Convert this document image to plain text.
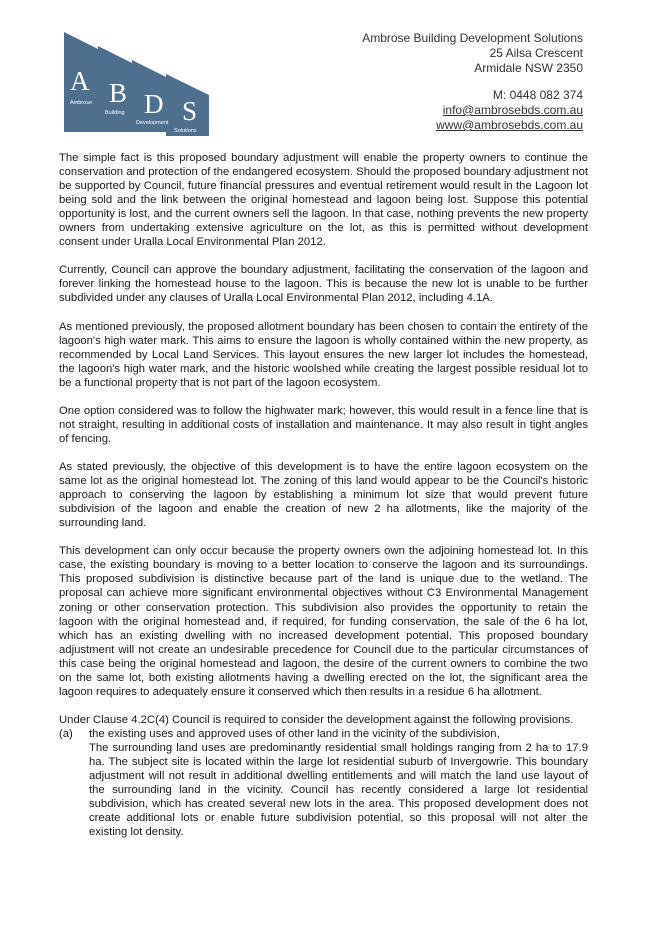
A B D S
Ambrose
Building
Development
Solutions
Ambrose Building Development Solutions
25 Ailsa Crescent
Armidale NSW 2350
M: 0448 082 374
info@ambrosebds.com.au
www@ambrosebds.com.au

The simple fact is this proposed boundary adjustment will enable the property owners to continue the conservation and protection of the endangered ecosystem. Should the proposed boundary adjustment not be supported by Council, future financial pressures and eventual retirement would result in the Lagoon lot being sold and the link between the original homestead and lagoon being lost. Suppose this potential opportunity is lost, and the current owners sell the lagoon. In that case, nothing prevents the new property owners from undertaking extensive agriculture on the lot, as this is permitted without development consent under Uralla Local Environmental Plan 2012.

Currently, Council can approve the boundary adjustment, facilitating the conservation of the lagoon and forever linking the homestead house to the lagoon. This is because the new lot is unable to be further subdivided under any clauses of Uralla Local Environmental Plan 2012, including 4.1A.

As mentioned previously, the proposed allotment boundary has been chosen to contain the entirety of the lagoon's high water mark. This aims to ensure the lagoon is wholly contained within the new property, as recommended by Local Land Services. This layout ensures the new larger lot includes the homestead, the lagoon's high water mark, and the historic woolshed while creating the largest possible residual lot to be a functional property that is not part of the lagoon ecosystem.

One option considered was to follow the highwater mark; however, this would result in a fence line that is not straight, resulting in additional costs of installation and maintenance. It may also result in tight angles of fencing.

As stated previously, the objective of this development is to have the entire lagoon ecosystem on the same lot as the original homestead lot. The zoning of this land would appear to be the Council's historic approach to conserving the lagoon by establishing a minimum lot size that would prevent future subdivision of the lagoon and enable the creation of new 2 ha allotments, like the majority of the surrounding land.

This development can only occur because the property owners own the adjoining homestead lot. In this case, the existing boundary is moving to a better location to conserve the lagoon and its surroundings. This proposed subdivision is distinctive because part of the land is unique due to the wetland. The proposal can achieve more significant environmental objectives without C3 Environmental Management zoning or other conservation protection. This subdivision also provides the opportunity to retain the lagoon with the original homestead and, if required, for funding conservation, the sale of the 6 ha lot, which has an existing dwelling with no increased development potential. This proposed boundary adjustment will not create an undesirable precedence for Council due to the particular circumstances of this case being the original homestead and lagoon, the desire of the current owners to combine the two on the same lot, both existing allotments having a dwelling erected on the lot, the significant area the lagoon requires to adequately ensure it conserved which then results in a residue 6 ha allotment.

Under Clause 4.2C(4) Council is required to consider the development against the following provisions.
(a)	the existing uses and approved uses of other land in the vicinity of the subdivision,
The surrounding land uses are predominantly residential small holdings ranging from 2 ha to 17.9 ha. The subject site is located within the large lot residential suburb of Invergowrie. This boundary adjustment will not result in additional dwelling entitlements and will match the land use layout of the surrounding land in the vicinity. Council has recently considered a large lot residential subdivision, which has created several new lots in the area. This proposed development does not create additional lots or enable future subdivision potential, so this proposal will not alter the existing lot density.
